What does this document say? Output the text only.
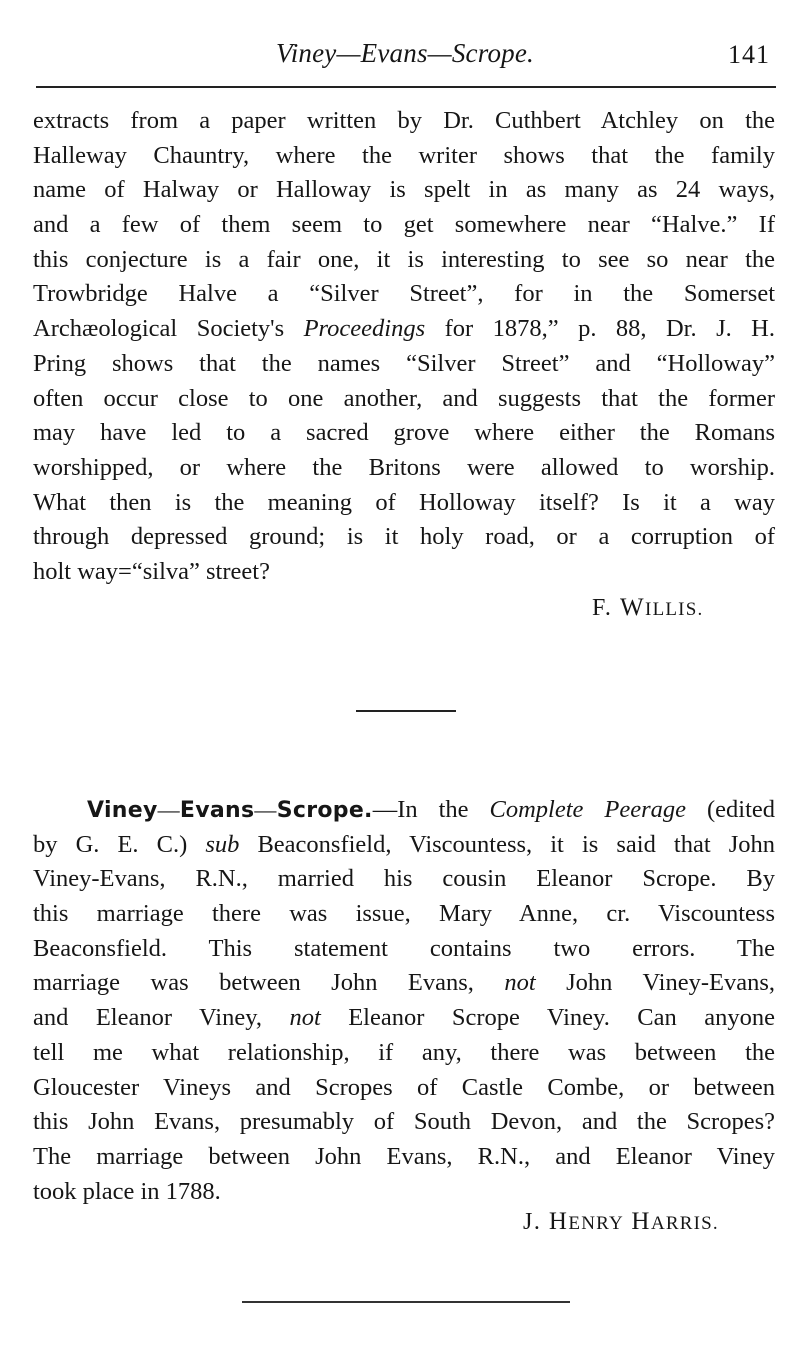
Viney—Evans—Scrope.	141
extracts from a paper written by Dr. Cuthbert Atchley on the
Halleway Chauntry, where the writer shows that the family
name of Halway or Halloway is spelt in as many as 24 ways,
and a few of them seem to get somewhere near “Halve.” If
this conjecture is a fair one, it is interesting to see so near the
Trowbridge Halve a “Silver Street”, for in the Somerset
Archæological Society's Proceedings for 1878,” p. 88, Dr. J. H.
Pring shows that the names “Silver Street” and “Holloway”
often occur close to one another, and suggests that the former
may have led to a sacred grove where either the Romans
worshipped, or where the Britons were allowed to worship.
What then is the meaning of Holloway itself? Is it a way
through depressed ground; is it holy road, or a corruption of
holt way=“silva” street?
F. WILLIS.
Viney—Evans—Scrope.—In the Complete Peerage (edited
by G. E. C.) sub Beaconsfield, Viscountess, it is said that John
Viney-Evans, R.N., married his cousin Eleanor Scrope. By
this marriage there was issue, Mary Anne, cr. Viscountess
Beaconsfield. This statement contains two errors. The
marriage was between John Evans, not John Viney-Evans,
and Eleanor Viney, not Eleanor Scrope Viney. Can anyone
tell me what relationship, if any, there was between the
Gloucester Vineys and Scropes of Castle Combe, or between
this John Evans, presumably of South Devon, and the Scropes?
The marriage between John Evans, R.N., and Eleanor Viney
took place in 1788.
J. HENRY HARRIS.
